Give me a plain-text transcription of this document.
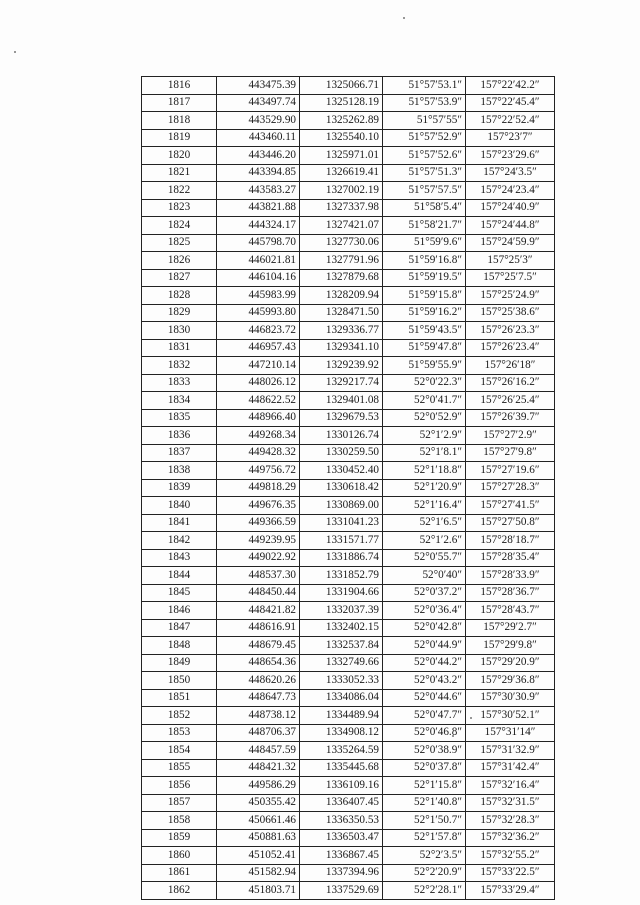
1816	443475.39	1325066.71	51°57′53.1″	157°22′42.2″
1817	443497.74	1325128.19	51°57′53.9″	157°22′45.4″
1818	443529.90	1325262.89	51°57′55″	157°22′52.4″
1819	443460.11	1325540.10	51°57′52.9″	157°23′7″
1820	443446.20	1325971.01	51°57′52.6″	157°23′29.6″
1821	443394.85	1326619.41	51°57′51.3″	157°24′3.5″
1822	443583.27	1327002.19	51°57′57.5″	157°24′23.4″
1823	443821.88	1327337.98	51°58′5.4″	157°24′40.9″
1824	444324.17	1327421.07	51°58′21.7″	157°24′44.8″
1825	445798.70	1327730.06	51°59′9.6″	157°24′59.9″
1826	446021.81	1327791.96	51°59′16.8″	157°25′3″
1827	446104.16	1327879.68	51°59′19.5″	157°25′7.5″
1828	445983.99	1328209.94	51°59′15.8″	157°25′24.9″
1829	445993.80	1328471.50	51°59′16.2″	157°25′38.6″
1830	446823.72	1329336.77	51°59′43.5″	157°26′23.3″
1831	446957.43	1329341.10	51°59′47.8″	157°26′23.4″
1832	447210.14	1329239.92	51°59′55.9″	157°26′18″
1833	448026.12	1329217.74	52°0′22.3″	157°26′16.2″
1834	448622.52	1329401.08	52°0′41.7″	157°26′25.4″
1835	448966.40	1329679.53	52°0′52.9″	157°26′39.7″
1836	449268.34	1330126.74	52°1′2.9″	157°27′2.9″
1837	449428.32	1330259.50	52°1′8.1″	157°27′9.8″
1838	449756.72	1330452.40	52°1′18.8″	157°27′19.6″
1839	449818.29	1330618.42	52°1′20.9″	157°27′28.3″
1840	449676.35	1330869.00	52°1′16.4″	157°27′41.5″
1841	449366.59	1331041.23	52°1′6.5″	157°27′50.8″
1842	449239.95	1331571.77	52°1′2.6″	157°28′18.7″
1843	449022.92	1331886.74	52°0′55.7″	157°28′35.4″
1844	448537.30	1331852.79	52°0′40″	157°28′33.9″
1845	448450.44	1331904.66	52°0′37.2″	157°28′36.7″
1846	448421.82	1332037.39	52°0′36.4″	157°28′43.7″
1847	448616.91	1332402.15	52°0′42.8″	157°29′2.7″
1848	448679.45	1332537.84	52°0′44.9″	157°29′9.8″
1849	448654.36	1332749.66	52°0′44.2″	157°29′20.9″
1850	448620.26	1333052.33	52°0′43.2″	157°29′36.8″
1851	448647.73	1334086.04	52°0′44.6″	157°30′30.9″
1852	448738.12	1334489.94	52°0′47.7″	157°30′52.1″
1853	448706.37	1334908.12	52°0′46.8″	157°31′14″
1854	448457.59	1335264.59	52°0′38.9″	157°31′32.9″
1855	448421.32	1335445.68	52°0′37.8″	157°31′42.4″
1856	449586.29	1336109.16	52°1′15.8″	157°32′16.4″
1857	450355.42	1336407.45	52°1′40.8″	157°32′31.5″
1858	450661.46	1336350.53	52°1′50.7″	157°32′28.3″
1859	450881.63	1336503.47	52°1′57.8″	157°32′36.2″
1860	451052.41	1336867.45	52°2′3.5″	157°32′55.2″
1861	451582.94	1337394.96	52°2′20.9″	157°33′22.5″
1862	451803.71	1337529.69	52°2′28.1″	157°33′29.4″
